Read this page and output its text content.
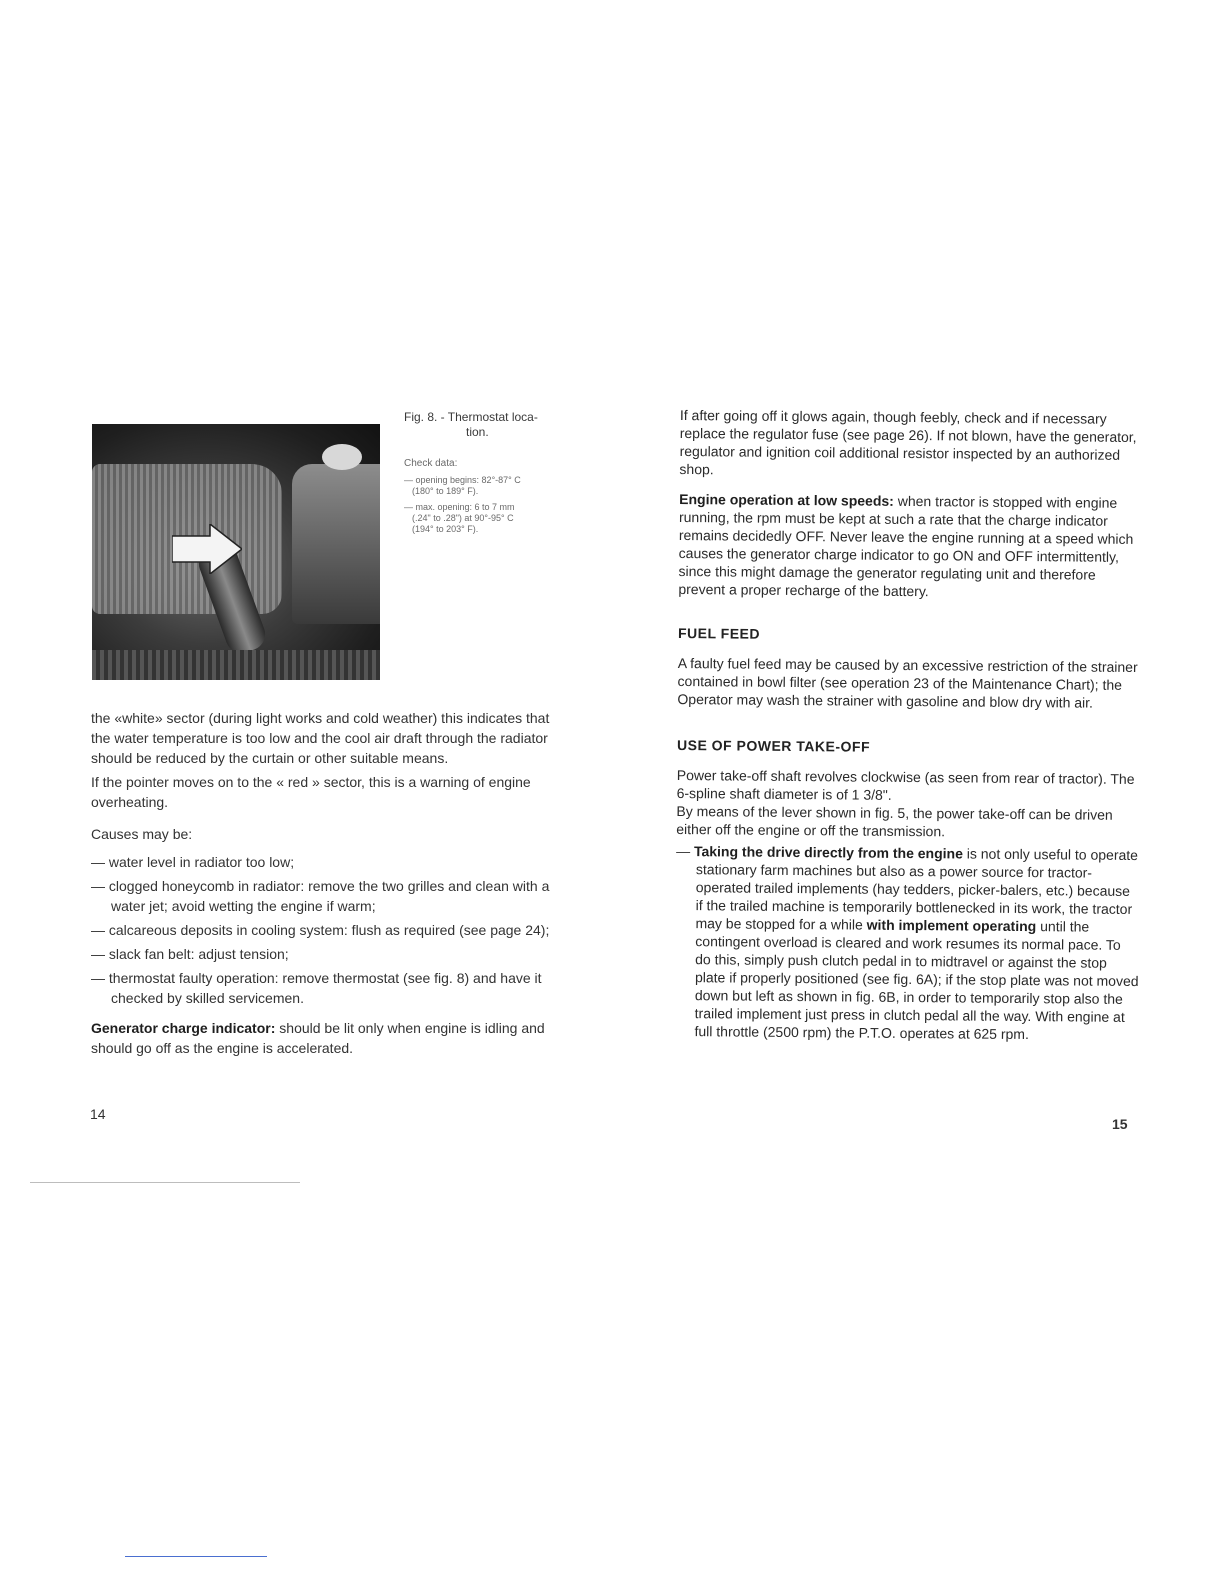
Fig. 8. - Thermostat loca-
tion.
Check data:
— opening begins: 82°-87° C
(180° to 189° F).
— max. opening: 6 to 7 mm
(.24" to .28") at 90°-95° C
(194° to 203° F).

the «white» sector (during light works and cold weather) this indicates that the water temperature is too low and the cool air draft through the radiator should be reduced by the curtain or other suitable means.

If the pointer moves on to the « red » sector, this is a warning of engine overheating.

Causes may be:

— water level in radiator too low;

— clogged honeycomb in radiator: remove the two grilles and clean with a water jet; avoid wetting the engine if warm;

— calcareous deposits in cooling system: flush as required (see page 24);

— slack fan belt: adjust tension;

— thermostat faulty operation: remove thermostat (see fig. 8) and have it checked by skilled servicemen.

Generator charge indicator: should be lit only when engine is idling and should go off as the engine is accelerated.

14

If after going off it glows again, though feebly, check and if necessary replace the regulator fuse (see page 26). If not blown, have the generator, regulator and ignition coil additional resistor inspected by an authorized shop.

Engine operation at low speeds: when tractor is stopped with engine running, the rpm must be kept at such a rate that the charge indicator remains decidedly OFF. Never leave the engine running at a speed which causes the generator charge indicator to go ON and OFF intermittently, since this might damage the generator regulating unit and therefore prevent a proper recharge of the battery.

FUEL FEED

A faulty fuel feed may be caused by an excessive restriction of the strainer contained in bowl filter (see operation 23 of the Maintenance Chart); the Operator may wash the strainer with gasoline and blow dry with air.

USE OF POWER TAKE-OFF

Power take-off shaft revolves clockwise (as seen from rear of tractor). The 6-spline shaft diameter is of 1 3/8".

By means of the lever shown in fig. 5, the power take-off can be driven either off the engine or off the transmission.

— Taking the drive directly from the engine is not only useful to operate stationary farm machines but also as a power source for tractor-operated trailed implements (hay tedders, picker-balers, etc.) because if the trailed machine is temporarily bottlenecked in its work, the tractor may be stopped for a while with implement operating until the contingent overload is cleared and work resumes its normal pace. To do this, simply push clutch pedal in to midtravel or against the stop plate if properly positioned (see fig. 6A); if the stop plate was not moved down but left as shown in fig. 6B, in order to temporarily stop also the trailed implement just press in clutch pedal all the way. With engine at full throttle (2500 rpm) the P.T.O. operates at 625 rpm.

15
